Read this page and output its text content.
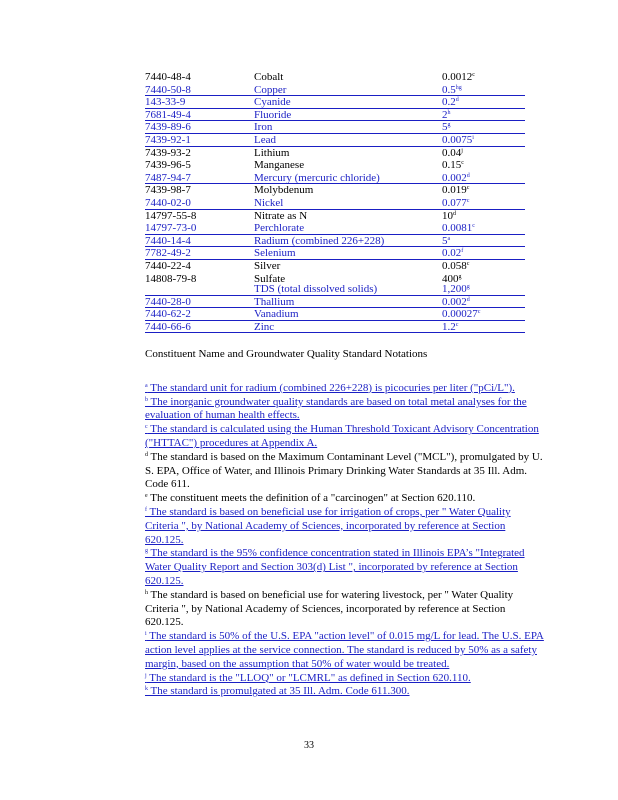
7440-48-4	Cobalt	0.0012$^c$
7440-50-8	Copper	0.5$^{hg}$
143-33-9	Cyanide	0.2$^d$
7681-49-4	Fluoride	2$^h$
7439-89-6	Iron	5$^g$
7439-92-1	Lead	0.0075$^i$
7439-93-2	Lithium	0.04$^j$
7439-96-5	Manganese	0.15$^c$
7487-94-7	Mercury (mercuric chloride)	0.002$^d$
7439-98-7	Molybdenum	0.019$^c$
7440-02-0	Nickel	0.077$^c$
14797-55-8	Nitrate as N	10$^d$
14797-73-0	Perchlorate	0.0081$^c$
7440-14-4	Radium (combined 226+228)	5$^a$
7782-49-2	Selenium	0.02$^f$
7440-22-4	Silver	0.058$^c$
14808-79-8	Sulfate	400$^g$
TDS (total dissolved solids)	1,200$^g$
7440-28-0	Thallium	0.002$^d$
7440-62-2	Vanadium	0.00027$^c$
7440-66-6	Zinc	1.2$^c$

Constituent Name and Groundwater Quality Standard Notations

$^a$ The standard unit for radium (combined 226+228) is picocuries per liter ("pCi/L").

$^b$ The inorganic groundwater quality standards are based on total metal analyses for the evaluation of human health effects.

$^c$ The standard is calculated using the Human Threshold Toxicant Advisory Concentration ("HTTAC") procedures at Appendix A.

$^d$ The standard is based on the Maximum Contaminant Level ("MCL"), promulgated by U. S. EPA, Office of Water, and Illinois Primary Drinking Water Standards at 35 Ill. Adm. Code 611.

$^e$ The constituent meets the definition of a "carcinogen" at Section 620.110.

$^f$ The standard is based on beneficial use for irrigation of crops, per " Water Quality Criteria ", by National Academy of Sciences, incorporated by reference at Section 620.125.

$^g$ The standard is the 95% confidence concentration stated in Illinois EPA’s "Integrated Water Quality Report and Section 303(d) List ", incorporated by reference at Section 620.125.

$^h$ The standard is based on beneficial use for watering livestock, per " Water Quality Criteria ", by National Academy of Sciences, incorporated by reference at Section 620.125.

$^i$ The standard is 50% of the U.S. EPA "action level" of 0.015 mg/L for lead. The U.S. EPA action level applies at the service connection. The standard is reduced by 50% as a safety margin, based on the assumption that 50% of water would be treated.

$^j$ The standard is the "LLOQ" or "LCMRL" as defined in Section 620.110.

$^k$ The standard is promulgated at 35 Ill. Adm. Code 611.300.

33
